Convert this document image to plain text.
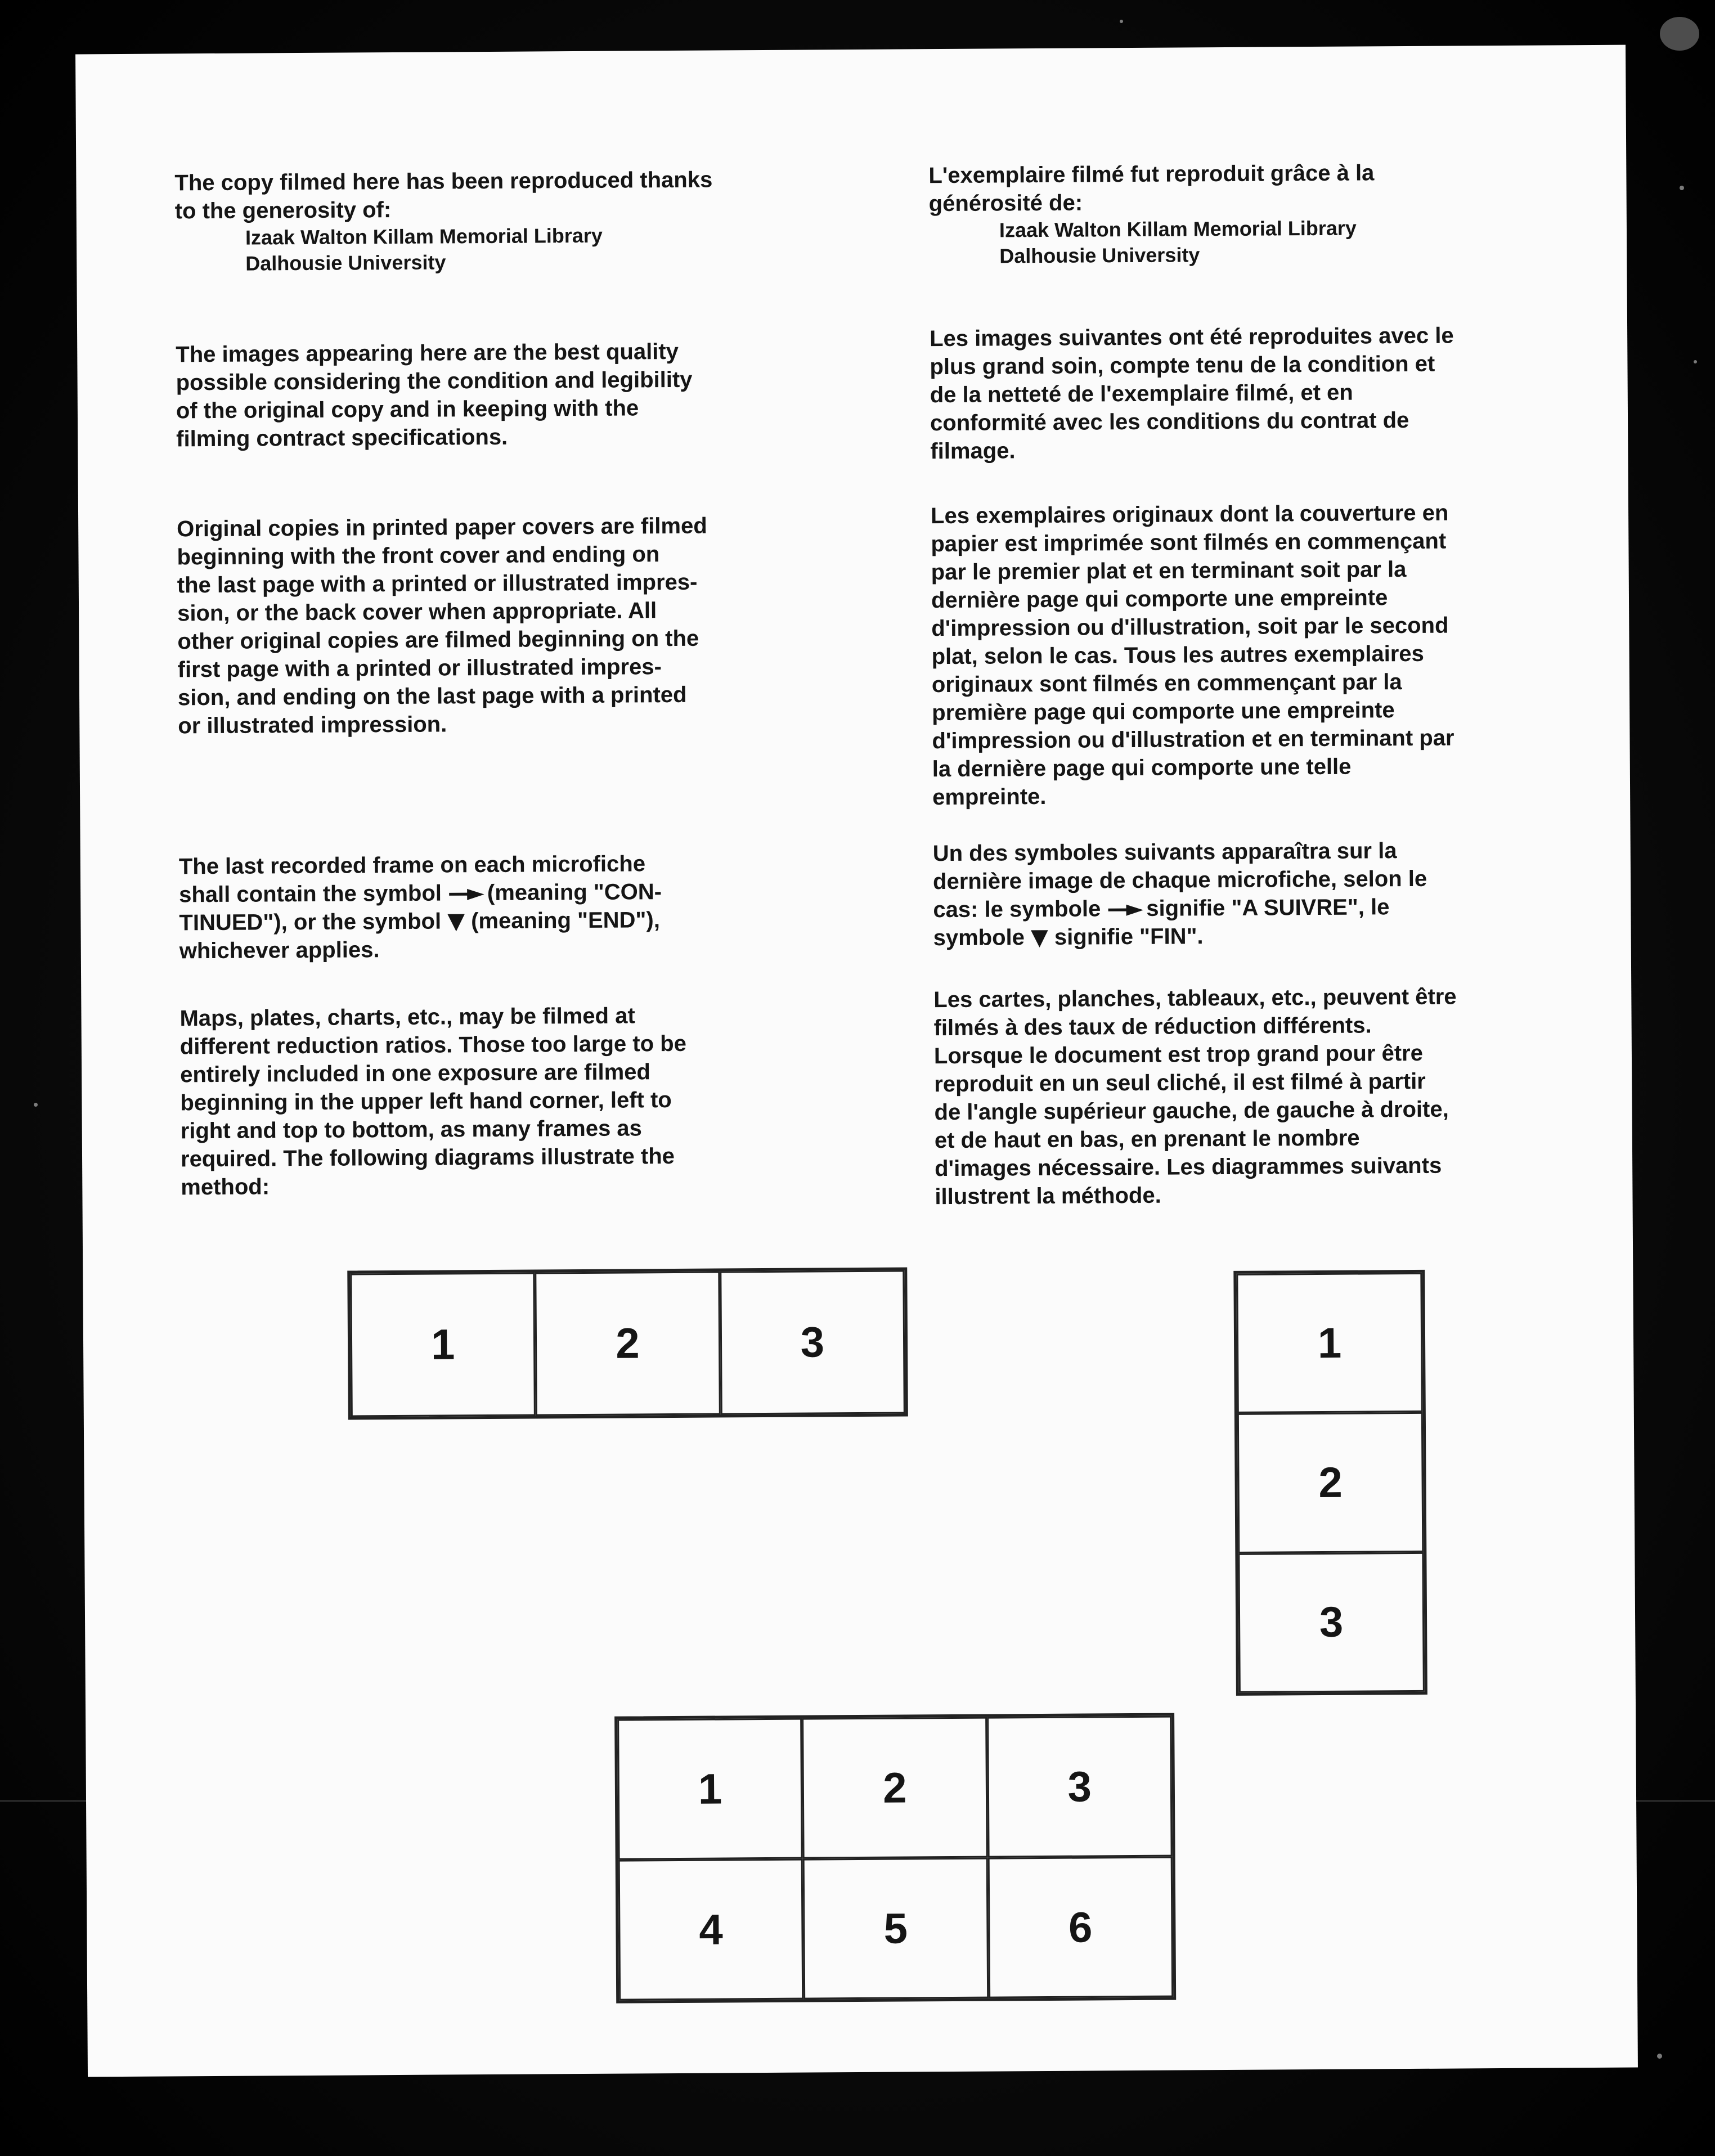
The copy filmed here has been reproduced thanks

to the generosity of:

Izaak Walton Killam Memorial Library

Dalhousie University

L'exemplaire filmé fut reproduit grâce à la

générosité de:

Izaak Walton Killam Memorial Library

Dalhousie University

The images appearing here are the best quality

possible considering the condition and legibility

of the original copy and in keeping with the

filming contract specifications.

Les images suivantes ont été reproduites avec le

plus grand soin, compte tenu de la condition et

de la netteté de l'exemplaire filmé, et en

conformité avec les conditions du contrat de

filmage.

Original copies in printed paper covers are filmed

beginning with the front cover and ending on

the last page with a printed or illustrated impres-

sion, or the back cover when appropriate. All

other original copies are filmed beginning on the

first page with a printed or illustrated impres-

sion, and ending on the last page with a printed

or illustrated impression.

Les exemplaires originaux dont la couverture en

papier est imprimée sont filmés en commençant

par le premier plat et en terminant soit par la

dernière page qui comporte une empreinte

d'impression ou d'illustration, soit par le second

plat, selon le cas. Tous les autres exemplaires

originaux sont filmés en commençant par la

première page qui comporte une empreinte

d'impression ou d'illustration et en terminant par

la dernière page qui comporte une telle

empreinte.

The last recorded frame on each microfiche

shall contain the symbol —► (meaning "CON-

TINUED"), or the symbol ▼ (meaning "END"),

whichever applies.

Un des symboles suivants apparaîtra sur la

dernière image de chaque microfiche, selon le

cas: le symbole —► signifie "A SUIVRE", le

symbole ▼ signifie "FIN".

Maps, plates, charts, etc., may be filmed at

different reduction ratios. Those too large to be

entirely included in one exposure are filmed

beginning in the upper left hand corner, left to

right and top to bottom, as many frames as

required. The following diagrams illustrate the

method:

Les cartes, planches, tableaux, etc., peuvent être

filmés à des taux de réduction différents.

Lorsque le document est trop grand pour être

reproduit en un seul cliché, il est filmé à partir

de l'angle supérieur gauche, de gauche à droite,

et de haut en bas, en prenant le nombre

d'images nécessaire. Les diagrammes suivants

illustrent la méthode.

1	2	3	1
2
3
1	2	3
4	5	6
